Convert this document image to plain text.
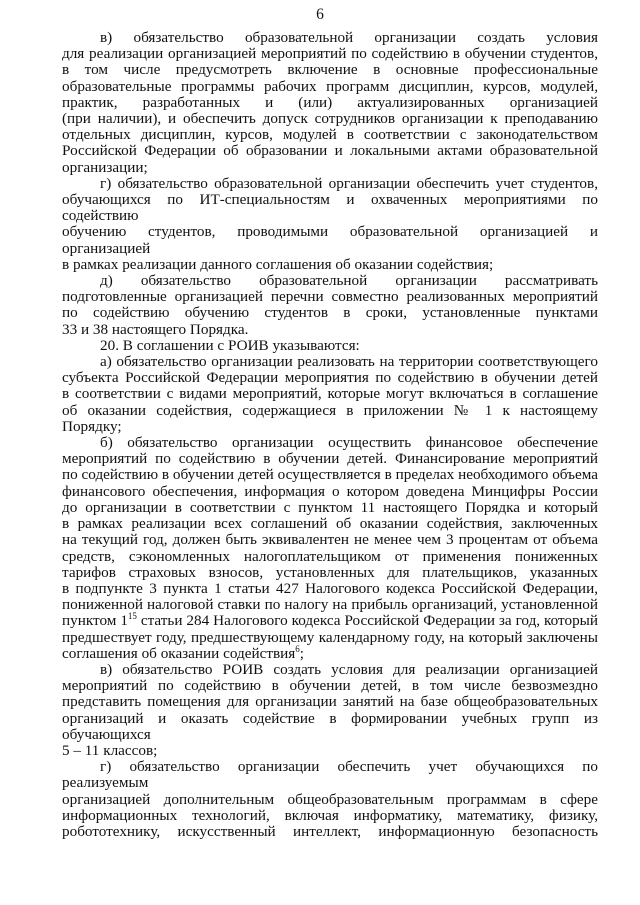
6
в) обязательство образовательной организации создать условия
для реализации организацией мероприятий по содействию в обучении студентов,
в том числе предусмотреть включение в основные профессиональные
образовательные программы рабочих программ дисциплин, курсов, модулей,
практик, разработанных и (или) актуализированных организацией
(при наличии), и обеспечить допуск сотрудников организации к преподаванию
отдельных дисциплин, курсов, модулей в соответствии с законодательством
Российской Федерации об образовании и локальными актами образовательной
организации;
г) обязательство образовательной организации обеспечить учет студентов,
обучающихся по ИТ-специальностям и охваченных мероприятиями по содействию
обучению студентов, проводимыми образовательной организацией и организацией
в рамках реализации данного соглашения об оказании содействия;
д) обязательство образовательной организации рассматривать
подготовленные организацией перечни совместно реализованных мероприятий
по содействию обучению студентов в сроки, установленные пунктами
33 и 38 настоящего Порядка.
20. В соглашении с РОИВ указываются:
а) обязательство организации реализовать на территории соответствующего
субъекта Российской Федерации мероприятия по содействию в обучении детей
в соответствии с видами мероприятий, которые могут включаться в соглашение
об оказании содействия, содержащиеся в приложении № 1 к настоящему Порядку;
б) обязательство организации осуществить финансовое обеспечение
мероприятий по содействию в обучении детей. Финансирование мероприятий
по содействию в обучении детей осуществляется в пределах необходимого объема
финансового обеспечения, информация о котором доведена Минцифры России
до организации в соответствии с пунктом 11 настоящего Порядка и который
в рамках реализации всех соглашений об оказании содействия, заключенных
на текущий год, должен быть эквивалентен не менее чем 3 процентам от объема
средств, сэкономленных налогоплательщиком от применения пониженных
тарифов страховых взносов, установленных для плательщиков, указанных
в подпункте 3 пункта 1 статьи 427 Налогового кодекса Российской Федерации,
пониженной налоговой ставки по налогу на прибыль организаций, установленной
пунктом $1^{15}$ статьи 284 Налогового кодекса Российской Федерации за год, который
предшествует году, предшествующему календарному году, на который заключены
соглашения об оказании содействия$^6$;
в) обязательство РОИВ создать условия для реализации организацией
мероприятий по содействию в обучении детей, в том числе безвозмездно
представить помещения для организации занятий на базе общеобразовательных
организаций и оказать содействие в формировании учебных групп из обучающихся
5 – 11 классов;
г) обязательство организации обеспечить учет обучающихся по реализуемым
организацией дополнительным общеобразовательным программам в сфере
информационных технологий, включая информатику, математику, физику,
робототехнику, искусственный интеллект, информационную безопасность
